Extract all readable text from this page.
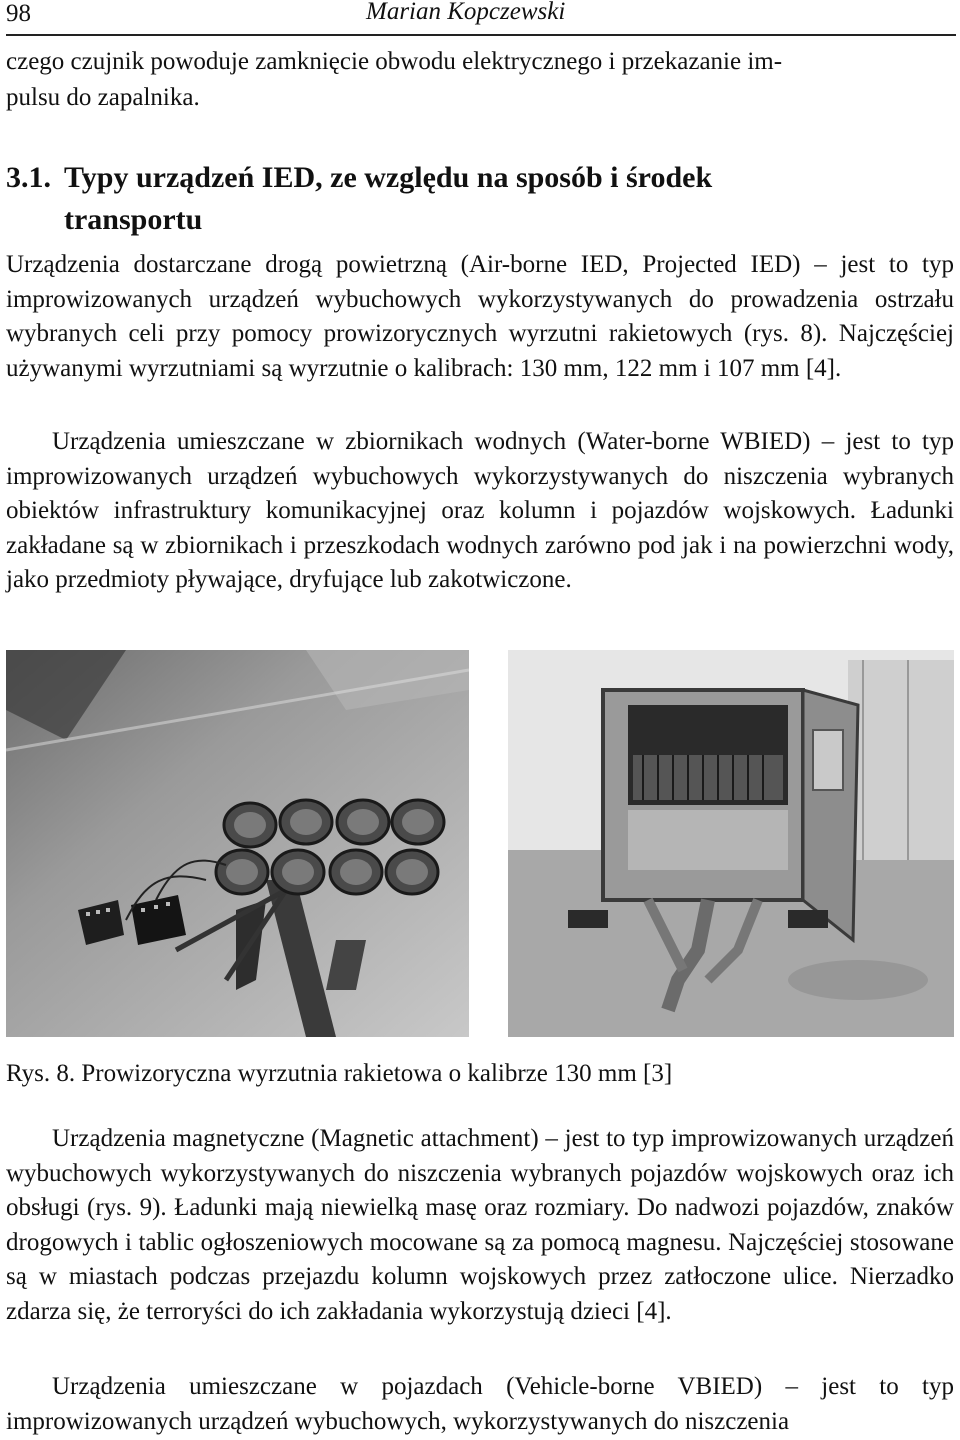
98	Marian Kopczewski

czego czujnik powoduje zamknięcie obwodu elektrycznego i przekazanie im-
pulsu do zapalnika.

3.1. Typy urządzeń IED, ze względu na sposób i środek
transportu

Urządzenia dostarczane drogą powietrzną (Air-borne IED, Projected IED) – jest to typ improwizowanych urządzeń wybuchowych wykorzystywanych do prowadzenia ostrzału wybranych celi przy pomocy prowizorycznych wyrzutni rakietowych (rys. 8). Najczęściej używanymi wyrzutniami są wyrzutnie o kalibrach: 130 mm, 122 mm i 107 mm [4].

Urządzenia umieszczane w zbiornikach wodnych (Water-borne WBIED) – jest to typ improwizowanych urządzeń wybuchowych wykorzystywanych do niszczenia wybranych obiektów infrastruktury komunikacyjnej oraz kolumn i pojazdów wojskowych. Ładunki zakładane są w zbiornikach i przeszkodach wodnych zarówno pod jak i na powierzchni wody, jako przedmioty pływające, dryfujące lub zakotwiczone.

Rys. 8. Prowizoryczna wyrzutnia rakietowa o kalibrze 130 mm [3]

Urządzenia magnetyczne (Magnetic attachment) – jest to typ improwizowanych urządzeń wybuchowych wykorzystywanych do niszczenia wybranych pojazdów wojskowych oraz ich obsługi (rys. 9). Ładunki mają niewielką masę oraz rozmiary. Do nadwozi pojazdów, znaków drogowych i tablic ogłoszeniowych mocowane są za pomocą magnesu. Najczęściej stosowane są w miastach podczas przejazdu kolumn wojskowych przez zatłoczone ulice. Nierzadko zdarza się, że terroryści do ich zakładania wykorzystują dzieci [4].

Urządzenia umieszczane w pojazdach (Vehicle-borne VBIED) – jest to typ improwizowanych urządzeń wybuchowych, wykorzystywanych do niszczenia
